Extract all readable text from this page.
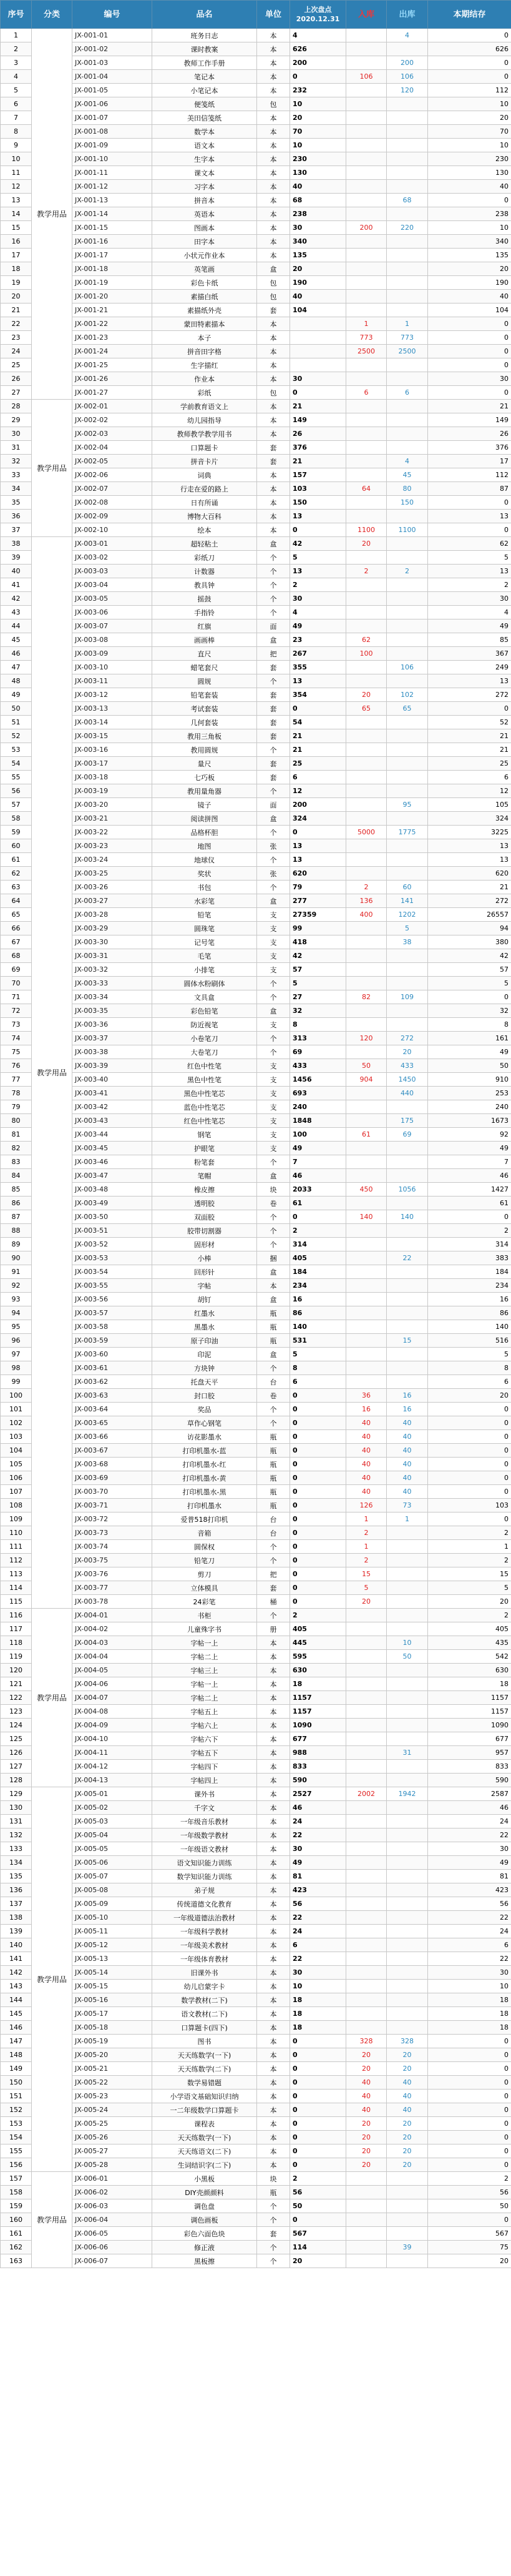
序号	分类	编号	品名	单位	上次盘点
2020.12.31	入库	出库	本期结存
1	教学用品	JX-001-01	班务日志	本	4		4	0
2		JX-001-02	课时教案	本	626			626
3		JX-001-03	教师工作手册	本	200		200	0
4		JX-001-04	笔记本	本	0	106	106	0
5		JX-001-05	小笔记本	本	232		120	112
6		JX-001-06	便笺纸	包	10			10
7		JX-001-07	美田信笺纸	本	20			20
8		JX-001-08	数学本	本	70			70
9		JX-001-09	语文本	本	10			10
10		JX-001-10	生字本	本	230			230
11		JX-001-11	课文本	本	130			130
12		JX-001-12	习字本	本	40			40
13		JX-001-13	拼音本	本	68		68	0
14		JX-001-14	英语本	本	238			238
15		JX-001-15	图画本	本	30	200	220	10
16		JX-001-16	田字本	本	340			340
17		JX-001-17	小状元作业本	本	135			135
18		JX-001-18	英笔画	盒	20			20
19		JX-001-19	彩色卡纸	包	190			190
20		JX-001-20	素描白纸	包	40			40
21		JX-001-21	素描纸外壳	套	104			104
22		JX-001-22	蒙田特素描本	本		1	1	0
23		JX-001-23	本子	本		773	773	0
24		JX-001-24	拼音田字格	本		2500	2500	0
25		JX-001-25	生字描红	本				0
26		JX-001-26	作业本	本	30			30
27		JX-001-27	彩纸	包	0	6	6	0
28	教学用品	JX-002-01	学前教育语文上	本	21			21
29		JX-002-02	幼儿园指导	本	149			149
30		JX-002-03	教师教学教学用书	本	26			26
31		JX-002-04	口算题卡	套	376			376
32		JX-002-05	拼音卡片	套	21		4	17
33		JX-002-06	词典	本	157		45	112
34		JX-002-07	行走在爱的路上	本	103	64	80	87
35		JX-002-08	日有所诵	本	150		150	0
36		JX-002-09	博物大百科	本	13			13
37		JX-002-10	绘本	本	0	1100	1100	0
38	教学用品	JX-003-01	超轻粘土	盒	42	20		62
39		JX-003-02	彩纸刀	个	5			5
40		JX-003-03	计数器	个	13	2	2	13
41		JX-003-04	教具钟	个	2			2
42		JX-003-05	摇鼓	个	30			30
43		JX-003-06	手指铃	个	4			4
44		JX-003-07	红旗	面	49			49
45		JX-003-08	画画棒	盒	23	62		85
46		JX-003-09	直尺	把	267	100		367
47		JX-003-10	蜡笔套尺	套	355		106	249
48		JX-003-11	圆规	个	13			13
49		JX-003-12	铅笔套装	套	354	20	102	272
50		JX-003-13	考试套装	套	0	65	65	0
51		JX-003-14	几何套装	套	54			52
52		JX-003-15	教用三角板	套	21			21
53		JX-003-16	教用圆规	个	21			21
54		JX-003-17	量尺	套	25			25
55		JX-003-18	七巧板	套	6			6
56		JX-003-19	教用量角器	个	12			12
57		JX-003-20	镜子	面	200		95	105
58		JX-003-21	阅读拼图	盒	324			324
59		JX-003-22	品格杯胆	个	0	5000	1775	3225
60		JX-003-23	地图	张	13			13
61		JX-003-24	地球仪	个	13			13
62		JX-003-25	奖状	张	620			620
63		JX-003-26	书包	个	79	2	60	21
64		JX-003-27	水彩笔	盒	277	136	141	272
65		JX-003-28	铅笔	支	27359	400	1202	26557
66		JX-003-29	圆珠笔	支	99		5	94
67		JX-003-30	记号笔	支	418		38	380
68		JX-003-31	毛笔	支	42			42
69		JX-003-32	小排笔	支	57			57
70		JX-003-33	圆体水粉刷体	个	5			5
71		JX-003-34	文具盒	个	27	82	109	0
72		JX-003-35	彩色铅笔	盒	32			32
73		JX-003-36	防近视笔	支	8			8
74		JX-003-37	小卷笔刀	个	313	120	272	161
75		JX-003-38	大卷笔刀	个	69		20	49
76		JX-003-39	红色中性笔	支	433	50	433	50
77		JX-003-40	黑色中性笔	支	1456	904	1450	910
78		JX-003-41	黑色中性笔芯	支	693		440	253
79		JX-003-42	蓝色中性笔芯	支	240			240
80		JX-003-43	红色中性笔芯	支	1848		175	1673
81		JX-003-44	钢笔	支	100	61	69	92
82		JX-003-45	护眼笔	支	49			49
83		JX-003-46	粉笔套	个	7			7
84		JX-003-47	笔帽	盒	46			46
85		JX-003-48	橡皮擦	块	2033	450	1056	1427
86		JX-003-49	透明胶	卷	61			61
87		JX-003-50	双面胶	个	0	140	140	0
88		JX-003-51	胶带切割器	个	2			2
89		JX-003-52	固形材	个	314			314
90		JX-003-53	小棒	捆	405		22	383
91		JX-003-54	回形针	盒	184			184
92		JX-003-55	字帖	本	234			234
93		JX-003-56	胡钉	盒	16			16
94		JX-003-57	红墨水	瓶	86			86
95		JX-003-58	黑墨水	瓶	140			140
96		JX-003-59	原子印油	瓶	531		15	516
97		JX-003-60	印泥	盒	5			5
98		JX-003-61	方块钟	个	8			8
99		JX-003-62	托盘天平	台	6			6
100		JX-003-63	封口胶	卷	0	36	16	20
101		JX-003-64	奖品	个	0	16	16	0
102		JX-003-65	草作心钢笔	个	0	40	40	0
103		JX-003-66	访花影墨水	瓶	0	40	40	0
104		JX-003-67	打印机墨水-蓝	瓶	0	40	40	0
105		JX-003-68	打印机墨水-红	瓶	0	40	40	0
106		JX-003-69	打印机墨水-黄	瓶	0	40	40	0
107		JX-003-70	打印机墨水-黑	瓶	0	40	40	0
108		JX-003-71	打印机墨水	瓶	0	126	73	103
109		JX-003-72	爱普518打印机	台	0	1	1	0
110		JX-003-73	音箱	台	0	2		2
111		JX-003-74	圆保权	个	0	1		1
112		JX-003-75	铅笔刀	个	0	2		2
113		JX-003-76	剪刀	把	0	15		15
114		JX-003-77	立体模具	套	0	5		5
115		JX-003-78	24彩笔	桶	0	20		20
116	教学用品	JX-004-01	书柜	个	2			2
117		JX-004-02	儿童殊字书	册	405			405
118		JX-004-03	字帖一上	本	445		10	435
119		JX-004-04	字帖二上	本	595		50	542
120		JX-004-05	字帖三上	本	630			630
121		JX-004-06	字帖一上	本	18			18
122		JX-004-07	字帖二上	本	1157			1157
123		JX-004-08	字帖五上	本	1157			1157
124		JX-004-09	字帖六上	本	1090			1090
125		JX-004-10	字帖六下	本	677			677
126		JX-004-11	字帖五下	本	988		31	957
127		JX-004-12	字帖四下	本	833			833
128		JX-004-13	字帖四上	本	590			590
129	教学用品	JX-005-01	课外书	本	2527	2002	1942	2587
130		JX-005-02	千字文	本	46			46
131		JX-005-03	一年级音乐教材	本	24			24
132		JX-005-04	一年级数学教材	本	22			22
133		JX-005-05	一年级语文教材	本	30			30
134		JX-005-06	语文知识能力训练	本	49			49
135		JX-005-07	数学知识能力训练	本	81			81
136		JX-005-08	弟子规	本	423			423
137		JX-005-09	传统道德文化教育	本	56			56
138		JX-005-10	一年级道德法治教材	本	22			22
139		JX-005-11	一年级科学教材	本	24			24
140		JX-005-12	一年级美术教材	本	6			6
141		JX-005-13	一年级体育教材	本	22			22
142		JX-005-14	旧课外书	本	30			30
143		JX-005-15	幼儿启蒙字卡	本	10			10
144		JX-005-16	数学教材(二下)	本	18			18
145		JX-005-17	语文教材(二下)	本	18			18
146		JX-005-18	口算题卡(四下)	本	18			18
147		JX-005-19	图书	本	0	328	328	0
148		JX-005-20	天天练数学(一下)	本	0	20	20	0
149		JX-005-21	天天练数学(二下)	本	0	20	20	0
150		JX-005-22	数学易错题	本	0	40	40	0
151		JX-005-23	小学语文基础知识归纳	本	0	40	40	0
152		JX-005-24	一二年级数学口算题卡	本	0	40	40	0
153		JX-005-25	课程表	本	0	20	20	0
154		JX-005-26	天天练数学(一下)	本	0	20	20	0
155		JX-005-27	天天练语文(二下)	本	0	20	20	0
156		JX-005-28	生词结识字(二下)	本	0	20	20	0
157	教学用品	JX-006-01	小黑板	块	2			2
158		JX-006-02	DIY壳颜颜料	瓶	56			56
159		JX-006-03	调色盘	个	50			50
160		JX-006-04	调色画板	个	0			0
161		JX-006-05	彩色六面色块	套	567			567
162		JX-006-06	修正液	个	114		39	75
163		JX-006-07	黑板擦	个	20			20
